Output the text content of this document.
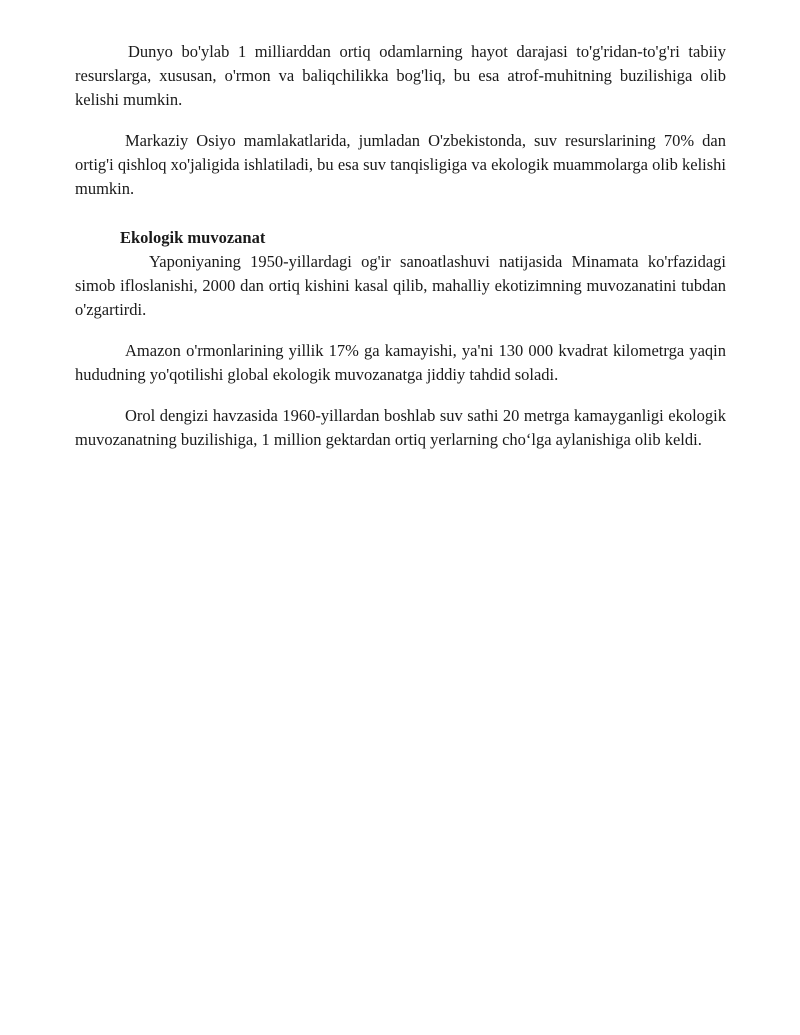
Dunyo bo'ylab 1 milliarddan ortiq odamlarning hayot darajasi to'g'ridan-to'g'ri tabiiy resurslarga, xususan, o'rmon va baliqchilikka bog'liq, bu esa atrof-muhitning buzilishiga olib kelishi mumkin.

Markaziy Osiyo mamlakatlarida, jumladan O'zbekistonda, suv resurslarining 70% dan ortig'i qishloq xo'jaligida ishlatiladi, bu esa suv tanqisligiga va ekologik muammolarga olib kelishi mumkin.

Ekologik muvozanat

Yaponiyaning 1950-yillardagi og'ir sanoatlashuvi natijasida Minamata ko'rfazidagi simob ifloslanishi, 2000 dan ortiq kishini kasal qilib, mahalliy ekotizimning muvozanatini tubdan o'zgartirdi.

Amazon o'rmonlarining yillik 17% ga kamayishi, ya'ni 130 000 kvadrat kilometrga yaqin hududning yo'qotilishi global ekologik muvozanatga jiddiy tahdid soladi.

Orol dengizi havzasida 1960-yillardan boshlab suv sathi 20 metrga kamayganligi ekologik muvozanatning buzilishiga, 1 million gektardan ortiq yerlarning cho‘lga aylanishiga olib keldi.
